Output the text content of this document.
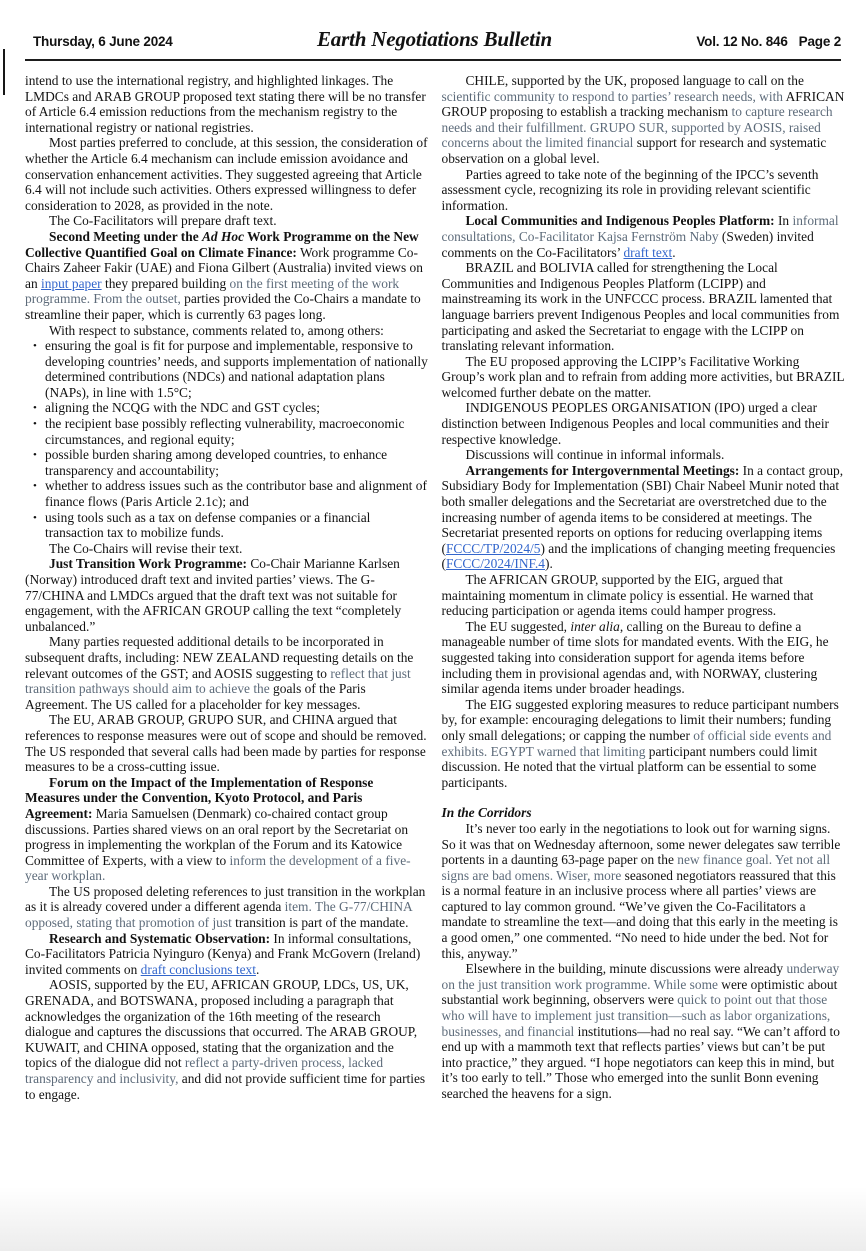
Thursday, 6 June 2024	Earth Negotiations Bulletin	Vol. 12 No. 846 Page 2

intend to use the international registry, and highlighted linkages. The LMDCs and ARAB GROUP proposed text stating there will be no transfer of Article 6.4 emission reductions from the mechanism registry to the international registry or national registries.

Most parties preferred to conclude, at this session, the consideration of whether the Article 6.4 mechanism can include emission avoidance and conservation enhancement activities. They suggested agreeing that Article 6.4 will not include such activities. Others expressed willingness to defer consideration to 2028, as provided in the note.

The Co-Facilitators will prepare draft text.

Second Meeting under the Ad Hoc Work Programme on the New Collective Quantified Goal on Climate Finance: Work programme Co-Chairs Zaheer Fakir (UAE) and Fiona Gilbert (Australia) invited views on an input paper they prepared building on the first meeting of the work programme. From the outset, parties provided the Co-Chairs a mandate to streamline their paper, which is currently 63 pages long.

With respect to substance, comments related to, among others:

• ensuring the goal is fit for purpose and implementable, responsive to developing countries’ needs, and supports implementation of nationally determined contributions (NDCs) and national adaptation plans (NAPs), in line with 1.5°C;
• aligning the NCQG with the NDC and GST cycles;
• the recipient base possibly reflecting vulnerability, macroeconomic circumstances, and regional equity;
• possible burden sharing among developed countries, to enhance transparency and accountability;
• whether to address issues such as the contributor base and alignment of finance flows (Paris Article 2.1c); and
• using tools such as a tax on defense companies or a financial transaction tax to mobilize funds.

The Co-Chairs will revise their text.

Just Transition Work Programme: Co-Chair Marianne Karlsen (Norway) introduced draft text and invited parties’ views. The G-77/CHINA and LMDCs argued that the draft text was not suitable for engagement, with the AFRICAN GROUP calling the text “completely unbalanced.”

Many parties requested additional details to be incorporated in subsequent drafts, including: NEW ZEALAND requesting details on the relevant outcomes of the GST; and AOSIS suggesting to reflect that just transition pathways should aim to achieve the goals of the Paris Agreement. The US called for a placeholder for key messages.

The EU, ARAB GROUP, GRUPO SUR, and CHINA argued that references to response measures were out of scope and should be removed. The US responded that several calls had been made by parties for response measures to be a cross-cutting issue.

Forum on the Impact of the Implementation of Response Measures under the Convention, Kyoto Protocol, and Paris Agreement: Maria Samuelsen (Denmark) co-chaired contact group discussions. Parties shared views on an oral report by the Secretariat on progress in implementing the workplan of the Forum and its Katowice Committee of Experts, with a view to inform the development of a five-year workplan.

The US proposed deleting references to just transition in the workplan as it is already covered under a different agenda item. The G-77/CHINA opposed, stating that promotion of just transition is part of the mandate.

Research and Systematic Observation: In informal consultations, Co-Facilitators Patricia Nyinguro (Kenya) and Frank McGovern (Ireland) invited comments on draft conclusions text.

AOSIS, supported by the EU, AFRICAN GROUP, LDCs, US, UK, GRENADA, and BOTSWANA, proposed including a paragraph that acknowledges the organization of the 16th meeting of the research dialogue and captures the discussions that occurred. The ARAB GROUP, KUWAIT, and CHINA opposed, stating that the organization and the topics of the dialogue did not reflect a party-driven process, lacked transparency and inclusivity, and did not provide sufficient time for parties to engage.

CHILE, supported by the UK, proposed language to call on the scientific community to respond to parties’ research needs, with AFRICAN GROUP proposing to establish a tracking mechanism to capture research needs and their fulfillment. GRUPO SUR, supported by AOSIS, raised concerns about the limited financial support for research and systematic observation on a global level.

Parties agreed to take note of the beginning of the IPCC’s seventh assessment cycle, recognizing its role in providing relevant scientific information.

Local Communities and Indigenous Peoples Platform: In informal consultations, Co-Facilitator Kajsa Fernström Naby (Sweden) invited comments on the Co-Facilitators’ draft text.

BRAZIL and BOLIVIA called for strengthening the Local Communities and Indigenous Peoples Platform (LCIPP) and mainstreaming its work in the UNFCCC process. BRAZIL lamented that language barriers prevent Indigenous Peoples and local communities from participating and asked the Secretariat to engage with the LCIPP on translating relevant information.

The EU proposed approving the LCIPP’s Facilitative Working Group’s work plan and to refrain from adding more activities, but BRAZIL welcomed further debate on the matter.

INDIGENOUS PEOPLES ORGANISATION (IPO) urged a clear distinction between Indigenous Peoples and local communities and their respective knowledge.

Discussions will continue in informal informals.

Arrangements for Intergovernmental Meetings: In a contact group, Subsidiary Body for Implementation (SBI) Chair Nabeel Munir noted that both smaller delegations and the Secretariat are overstretched due to the increasing number of agenda items to be considered at meetings. The Secretariat presented reports on options for reducing overlapping items (FCCC/TP/2024/5) and the implications of changing meeting frequencies (FCCC/2024/INF.4).

The AFRICAN GROUP, supported by the EIG, argued that maintaining momentum in climate policy is essential. He warned that reducing participation or agenda items could hamper progress.

The EU suggested, inter alia, calling on the Bureau to define a manageable number of time slots for mandated events. With the EIG, he suggested taking into consideration support for agenda items before including them in provisional agendas and, with NORWAY, clustering similar agenda items under broader headings.

The EIG suggested exploring measures to reduce participant numbers by, for example: encouraging delegations to limit their numbers; funding only small delegations; or capping the number of official side events and exhibits. EGYPT warned that limiting participant numbers could limit discussion. He noted that the virtual platform can be essential to some participants.

In the Corridors

It’s never too early in the negotiations to look out for warning signs. So it was that on Wednesday afternoon, some newer delegates saw terrible portents in a daunting 63-page paper on the new finance goal. Yet not all signs are bad omens. Wiser, more seasoned negotiators reassured that this is a normal feature in an inclusive process where all parties’ views are captured to lay common ground. “We’ve given the Co-Facilitators a mandate to streamline the text—and doing that this early in the meeting is a good omen,” one commented. “No need to hide under the bed. Not for this, anyway.”

Elsewhere in the building, minute discussions were already underway on the just transition work programme. While some were optimistic about substantial work beginning, observers were quick to point out that those who will have to implement just transition—such as labor organizations, businesses, and financial institutions—had no real say. “We can’t afford to end up with a mammoth text that reflects parties’ views but can’t be put into practice,” they argued. “I hope negotiators can keep this in mind, but it’s too early to tell.” Those who emerged into the sunlit Bonn evening searched the heavens for a sign.
